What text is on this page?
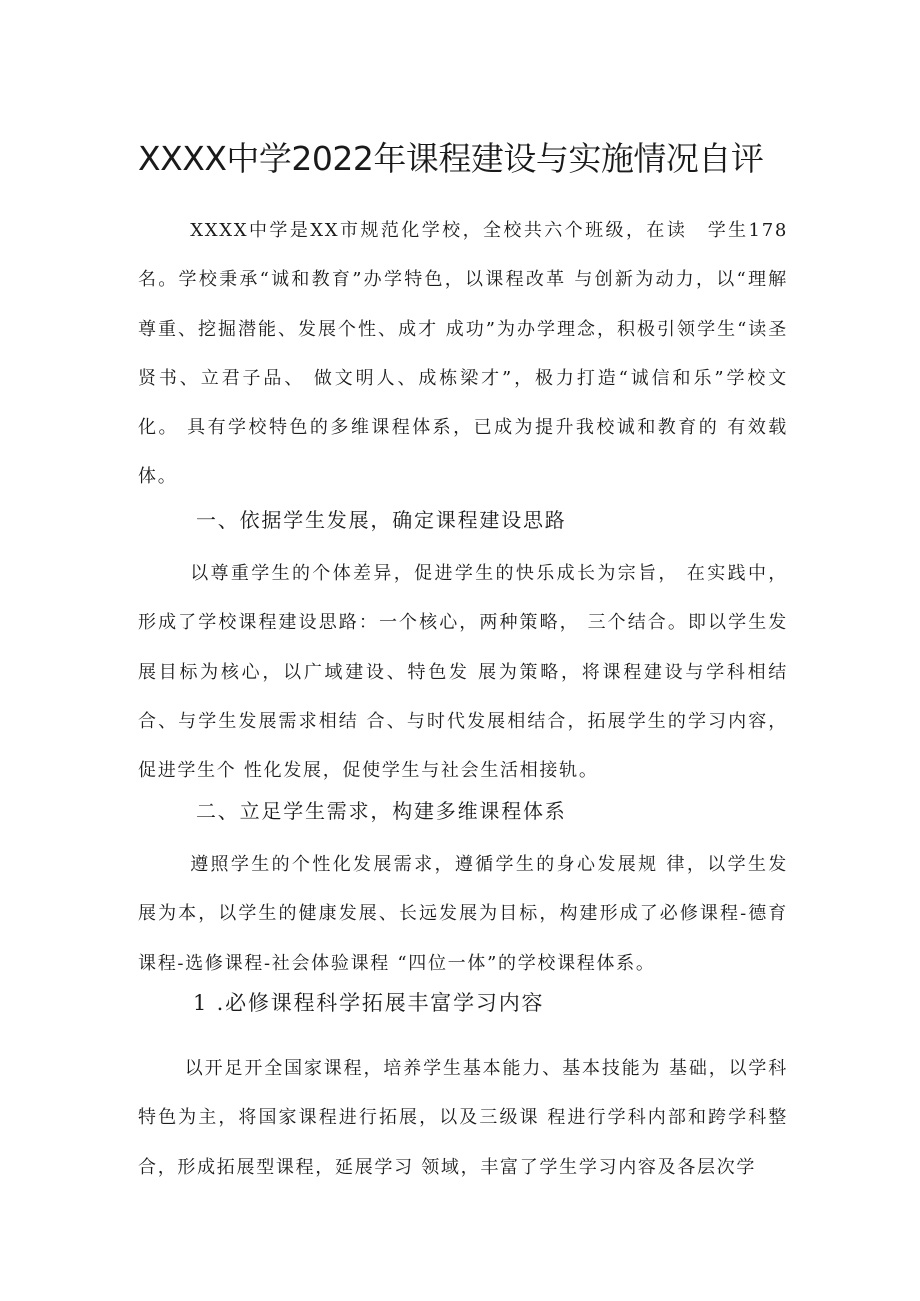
XXXX中学2022年课程建设与实施情况自评

XXXX中学是XX市规范化学校，全校共六个班级，在读　学生178名。学校秉承“诚和教育”办学特色，以课程改革 与创新为动力，以“理解尊重、挖掘潜能、发展个性、成才 成功”为办学理念，积极引领学生“读圣贤书、立君子品、 做文明人、成栋梁才”，极力打造“诚信和乐”学校文化。 具有学校特色的多维课程体系，已成为提升我校诚和教育的 有效载体。

一、依据学生发展，确定课程建设思路

以尊重学生的个体差异，促进学生的快乐成长为宗旨， 在实践中，形成了学校课程建设思路：一个核心，两种策略， 三个结合。即以学生发展目标为核心，以广域建设、特色发 展为策略，将课程建设与学科相结合、与学生发展需求相结 合、与时代发展相结合，拓展学生的学习内容，促进学生个 性化发展，促使学生与社会生活相接轨。

二、立足学生需求，构建多维课程体系

遵照学生的个性化发展需求，遵循学生的身心发展规 律，以学生发展为本，以学生的健康发展、长远发展为目标，构建形成了必修课程-德育课程-选修课程-社会体验课程 “四位一体”的学校课程体系。

1 .必修课程科学拓展丰富学习内容

以开足开全国家课程，培养学生基本能力、基本技能为 基础，以学科特色为主，将国家课程进行拓展，以及三级课 程进行学科内部和跨学科整合，形成拓展型课程，延展学习 领域，丰富了学生学习内容及各层次学
